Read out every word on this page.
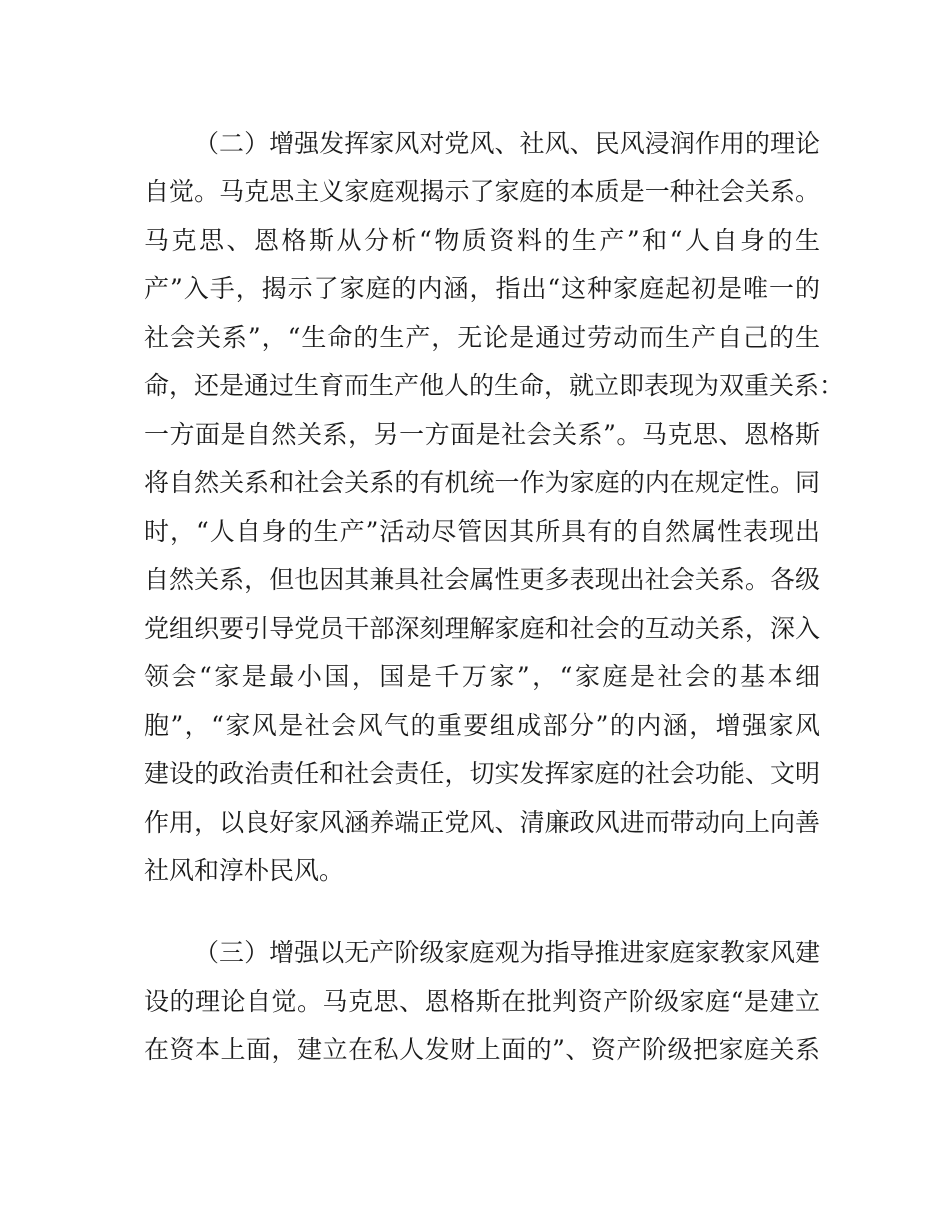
（二）增强发挥家风对党风、社风、民风浸润作用的理论
自觉。马克思主义家庭观揭示了家庭的本质是一种社会关系。
马克思、恩格斯从分析“物质资料的生产”和“人自身的生
产”入手，揭示了家庭的内涵，指出“这种家庭起初是唯一的
社会关系”，“生命的生产，无论是通过劳动而生产自己的生
命，还是通过生育而生产他人的生命，就立即表现为双重关系：
一方面是自然关系，另一方面是社会关系”。马克思、恩格斯
将自然关系和社会关系的有机统一作为家庭的内在规定性。同
时，“人自身的生产”活动尽管因其所具有的自然属性表现出
自然关系，但也因其兼具社会属性更多表现出社会关系。各级
党组织要引导党员干部深刻理解家庭和社会的互动关系，深入
领会“家是最小国，国是千万家”，“家庭是社会的基本细
胞”，“家风是社会风气的重要组成部分”的内涵，增强家风
建设的政治责任和社会责任，切实发挥家庭的社会功能、文明
作用，以良好家风涵养端正党风、清廉政风进而带动向上向善
社风和淳朴民风。
（三）增强以无产阶级家庭观为指导推进家庭家教家风建
设的理论自觉。马克思、恩格斯在批判资产阶级家庭“是建立
在资本上面，建立在私人发财上面的”、资产阶级把家庭关系
